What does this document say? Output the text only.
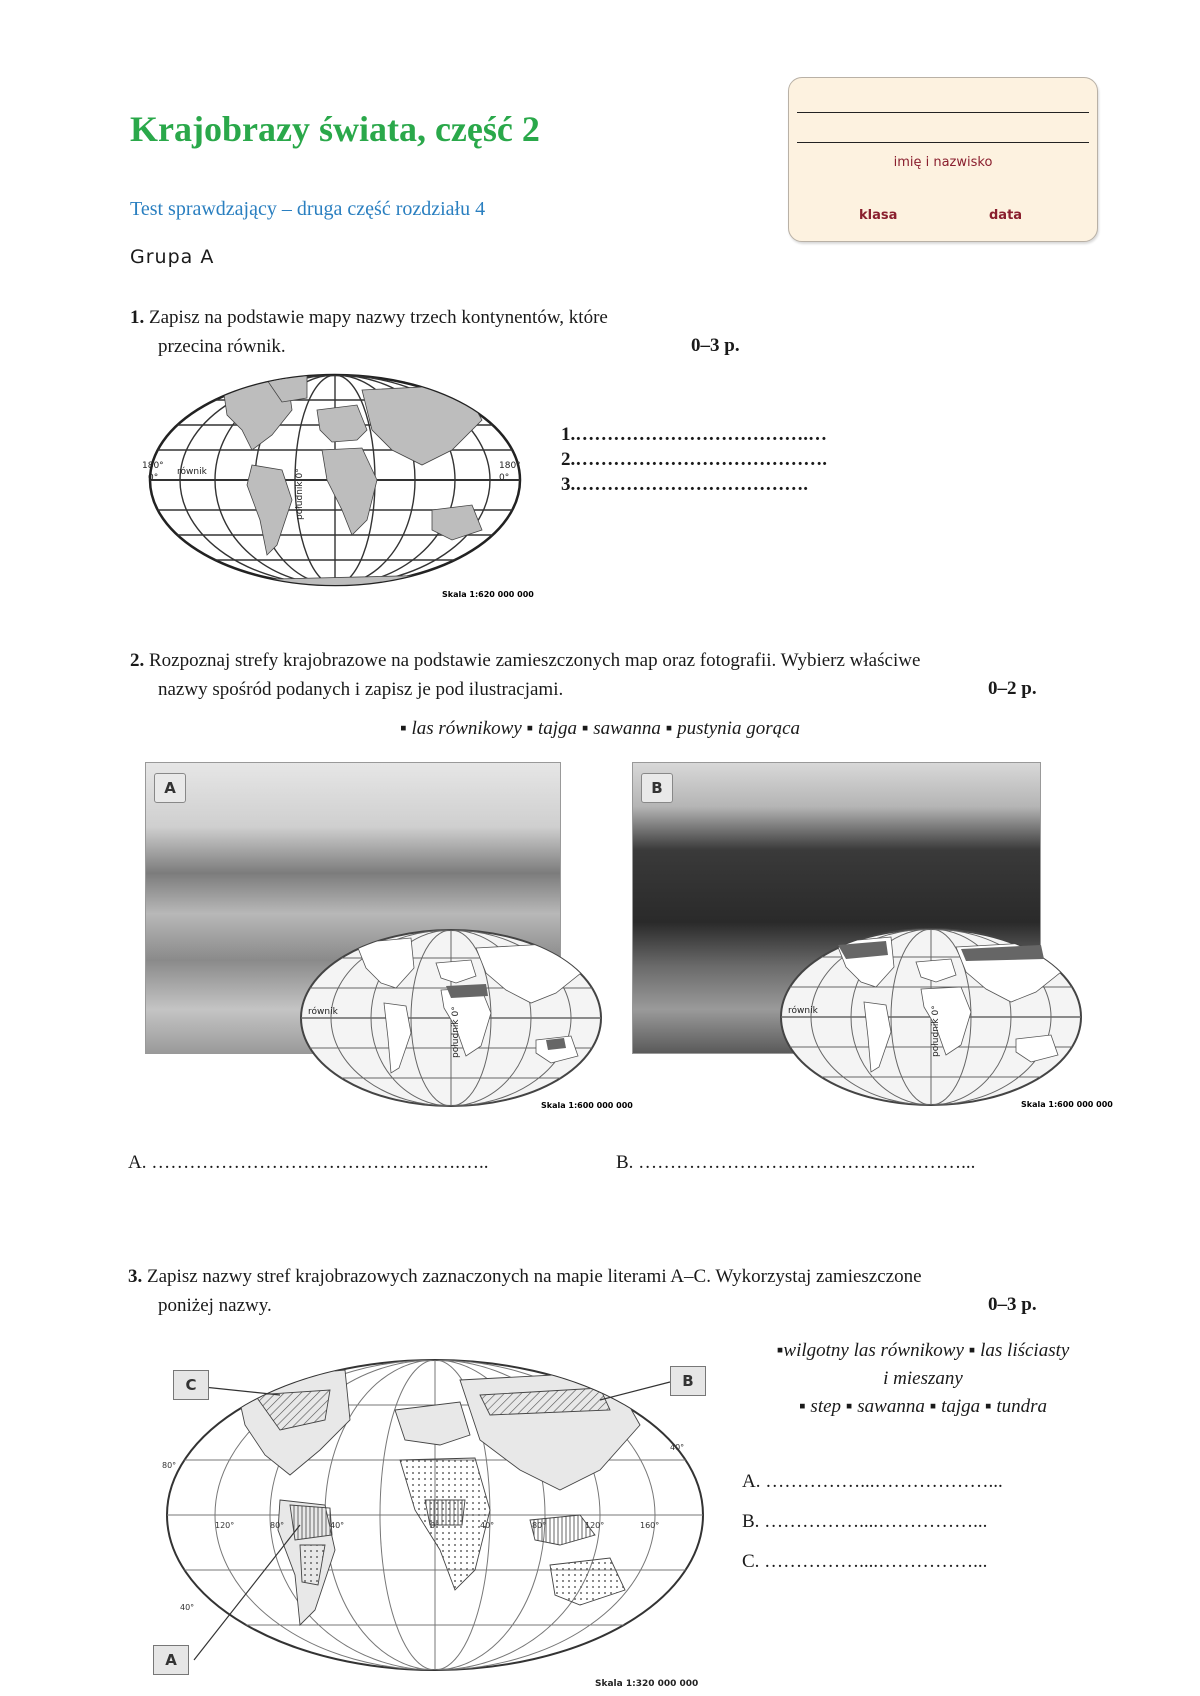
Krajobrazy świata, część 2
Test sprawdzający – druga część rozdziału 4
Grupa A
imię i nazwisko
klasa	data
1. Zapisz na podstawie mapy nazwy trzech kontynentów, które
przecina równik.	0–3 p.
180°
0°
180°
0°
równik	południk 0°
Skala 1:620 000 000
1.……………………………….…
2.………………………………….
3.……………………………….
2. Rozpoznaj strefy krajobrazowe na podstawie zamieszczonych map oraz fotografii. Wybierz właściwe
nazwy spośród podanych i zapisz je pod ilustracjami.	0–2 p.
▪ las równikowy ▪ tajga ▪ sawanna ▪ pustynia gorąca
A
równik	południk 0°
Skala 1:600 000 000
B
równik	południk 0°
Skala 1:600 000 000
A. ………………………………………….…..	B. ……………………………………………...
3. Zapisz nazwy stref krajobrazowych zaznaczonych na mapie literami A–C. Wykorzystaj zamieszczone
poniżej nazwy.	0–3 p.
▪wilgotny las równikowy ▪ las liściasty
i mieszany
▪ step ▪ sawanna ▪ tajga ▪ tundra
A. ……………...………………...
B. ……………....……………...
C. ……………....……………...
80°
120°	80°	40°	0°	40°	80°	120°	160°
40°
40°
Skala 1:320 000 000
C	B
A
